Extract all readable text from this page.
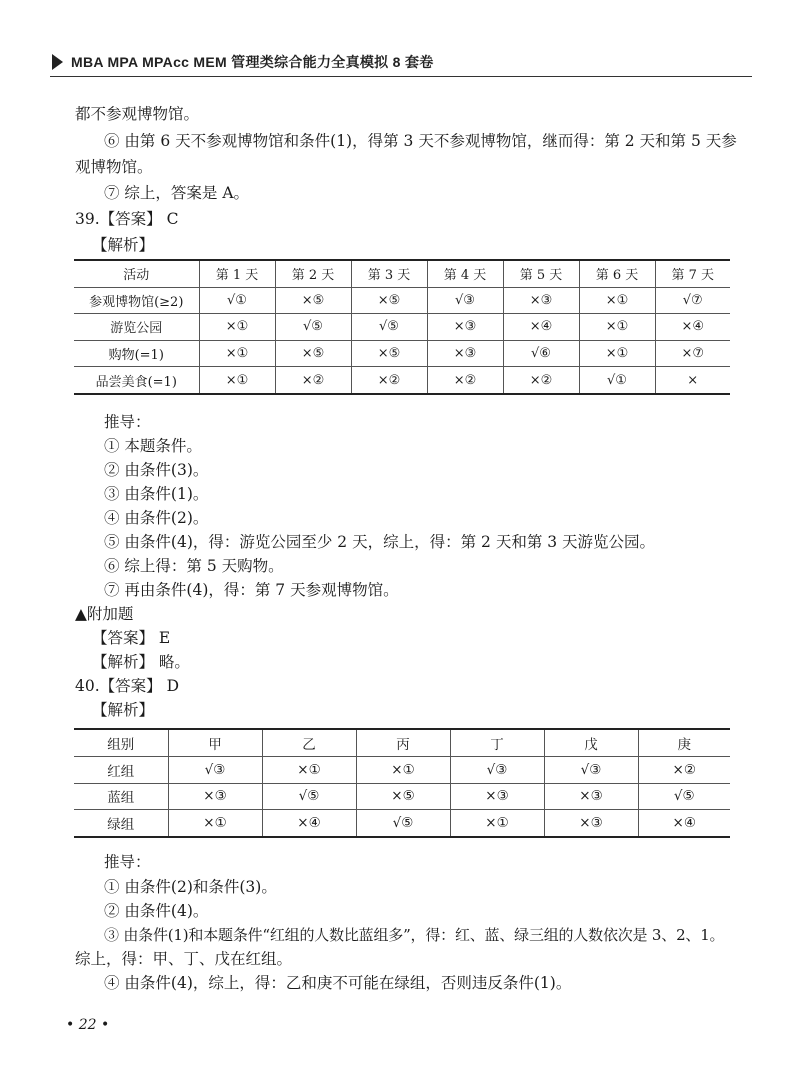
MBA MPA MPAcc MEM 管理类综合能力全真模拟 8 套卷
都不参观博物馆。
⑥ 由第 6 天不参观博物馆和条件(1)，得第 3 天不参观博物馆，继而得：第 2 天和第 5 天参
观博物馆。
⑦ 综上，答案是 A。
39.【答案】 C
【解析】
活动	第 1 天	第 2 天	第 3 天	第 4 天	第 5 天	第 6 天	第 7 天
参观博物馆(≥2)	√①	×⑤	×⑤	√③	×③	×①	√⑦
游览公园	×①	√⑤	√⑤	×③	×④	×①	×④
购物(=1)	×①	×⑤	×⑤	×③	√⑥	×①	×⑦
品尝美食(=1)	×①	×②	×②	×②	×②	√①	×
推导：
① 本题条件。
② 由条件(3)。
③ 由条件(1)。
④ 由条件(2)。
⑤ 由条件(4)，得：游览公园至少 2 天，综上，得：第 2 天和第 3 天游览公园。
⑥ 综上得：第 5 天购物。
⑦ 再由条件(4)，得：第 7 天参观博物馆。
▲附加题
【答案】 E
【解析】 略。
40.【答案】 D
【解析】
组别	甲	乙	丙	丁	戊	庚
红组	√③	×①	×①	√③	√③	×②
蓝组	×③	√⑤	×⑤	×③	×③	√⑤
绿组	×①	×④	√⑤	×①	×③	×④
推导：
① 由条件(2)和条件(3)。
② 由条件(4)。
③ 由条件(1)和本题条件“红组的人数比蓝组多”，得：红、蓝、绿三组的人数依次是 3、2、1。
综上，得：甲、丁、戊在红组。
④ 由条件(4)，综上，得：乙和庚不可能在绿组，否则违反条件(1)。
• 22 •
